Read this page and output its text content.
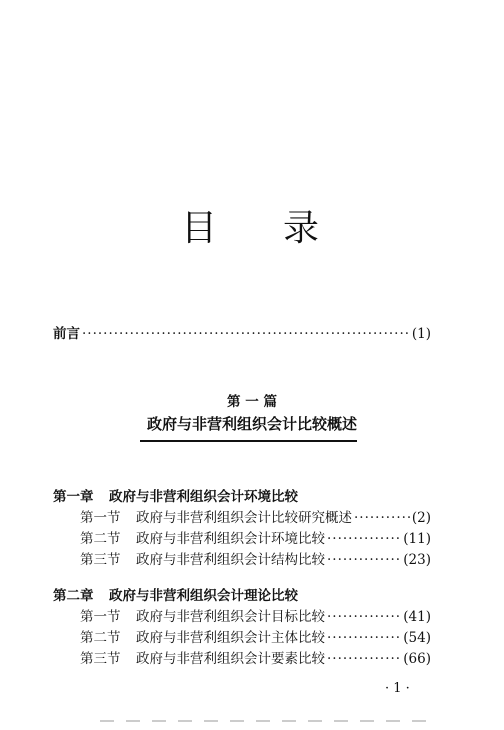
目 录
前言 ·····	(1)
第 一 篇
政府与非营利组织会计比较概述
第一章 政府与非营利组织会计环境比较
第一节	政府与非营利组织会计比较研究概述 ·····	(2)
第二节	政府与非营利组织会计环境比较 ·····	(11)
第三节	政府与非营利组织会计结构比较 ·····	(23)
第二章 政府与非营利组织会计理论比较
第一节	政府与非营利组织会计目标比较 ·····	(41)
第二节	政府与非营利组织会计主体比较 ·····	(54)
第三节	政府与非营利组织会计要素比较 ·····	(66)
· 1 ·
